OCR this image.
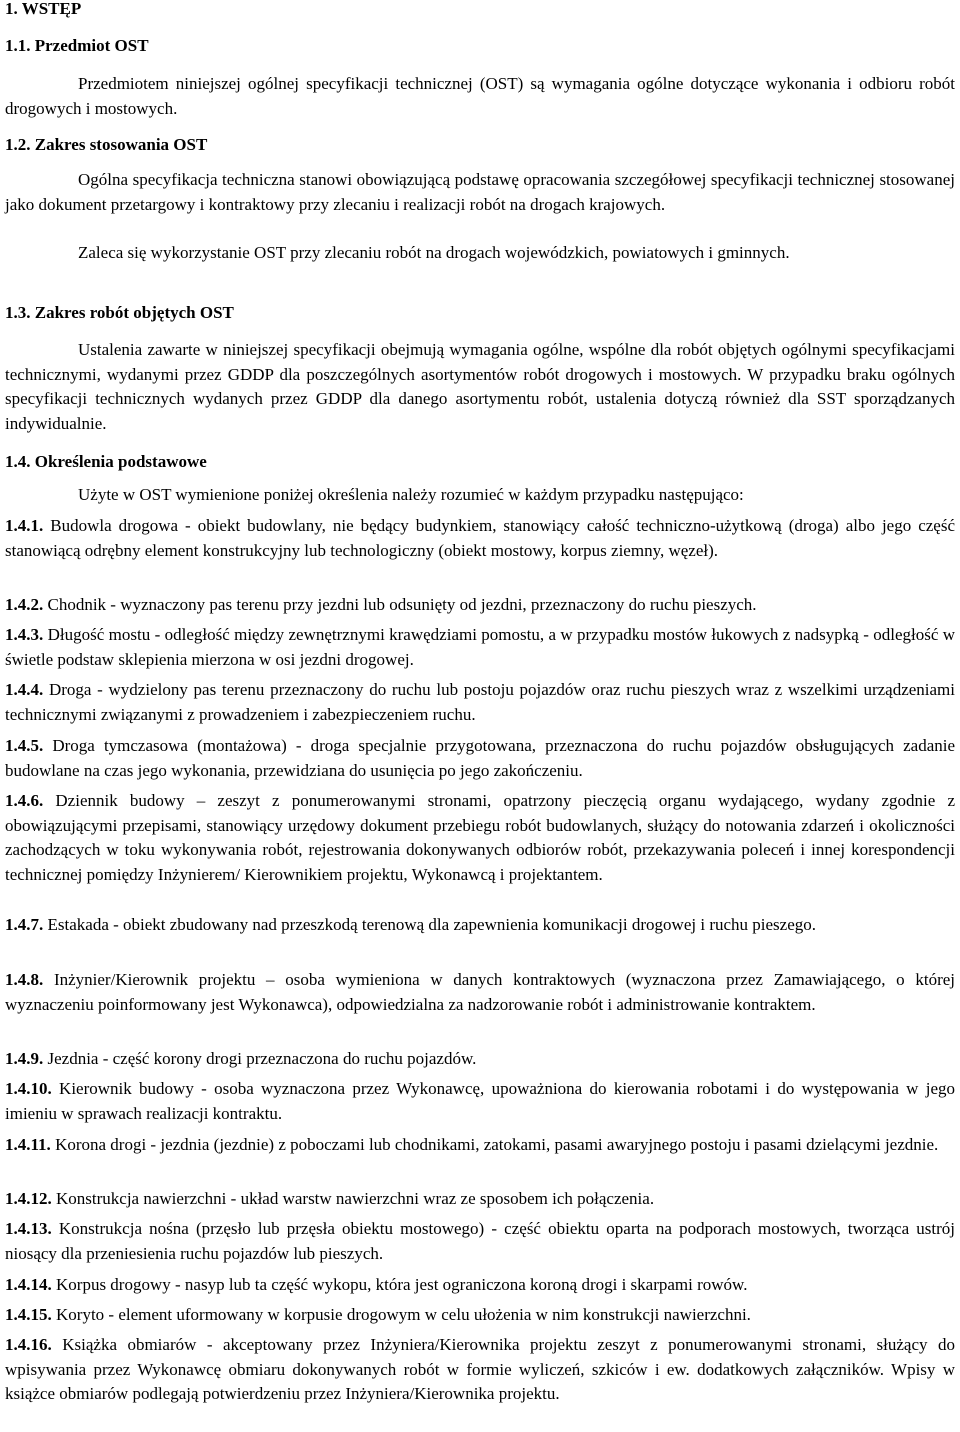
1. WSTĘP
1.1. Przedmiot OST
Przedmiotem niniejszej ogólnej specyfikacji technicznej (OST) są wymagania ogólne dotyczące wykonania i odbioru robót drogowych i mostowych.
1.2. Zakres stosowania OST
Ogólna specyfikacja techniczna stanowi obowiązującą podstawę opracowania szczegółowej specyfikacji technicznej stosowanej jako dokument przetargowy i kontraktowy przy zlecaniu i realizacji robót na drogach krajowych.
Zaleca się wykorzystanie OST przy zlecaniu robót na drogach wojewódzkich, powiatowych i gminnych.
1.3. Zakres robót objętych OST
Ustalenia zawarte w niniejszej specyfikacji obejmują wymagania ogólne, wspólne dla robót objętych ogólnymi specyfikacjami technicznymi, wydanymi przez GDDP dla poszczególnych asortymentów robót drogowych i mostowych. W przypadku braku ogólnych specyfikacji technicznych wydanych przez GDDP dla danego asortymentu robót, ustalenia dotyczą również dla SST sporządzanych indywidualnie.
1.4. Określenia podstawowe
Użyte w OST wymienione poniżej określenia należy rozumieć w każdym przypadku następująco:
1.4.1. Budowla drogowa - obiekt budowlany, nie będący budynkiem, stanowiący całość techniczno-użytkową (droga) albo jego część stanowiącą odrębny element konstrukcyjny lub technologiczny (obiekt mostowy, korpus ziemny, węzeł).
1.4.2. Chodnik - wyznaczony pas terenu przy jezdni lub odsunięty od jezdni, przeznaczony do ruchu pieszych.
1.4.3. Długość mostu - odległość między zewnętrznymi krawędziami pomostu, a w przypadku mostów łukowych z nadsypką - odległość w świetle podstaw sklepienia mierzona w osi jezdni drogowej.
1.4.4. Droga - wydzielony pas terenu przeznaczony do ruchu lub postoju pojazdów oraz ruchu pieszych wraz z wszelkimi urządzeniami technicznymi związanymi z prowadzeniem i zabezpieczeniem ruchu.
1.4.5. Droga tymczasowa (montażowa) - droga specjalnie przygotowana, przeznaczona do ruchu pojazdów obsługujących zadanie budowlane na czas jego wykonania, przewidziana do usunięcia po jego zakończeniu.
1.4.6. Dziennik budowy – zeszyt z ponumerowanymi stronami, opatrzony pieczęcią organu wydającego, wydany zgodnie z obowiązującymi przepisami, stanowiący urzędowy dokument przebiegu robót budowlanych, służący do notowania zdarzeń i okoliczności zachodzących w toku wykonywania robót, rejestrowania dokonywanych odbiorów robót, przekazywania poleceń i innej korespondencji technicznej pomiędzy Inżynierem/ Kierownikiem projektu, Wykonawcą i projektantem.
1.4.7. Estakada - obiekt zbudowany nad przeszkodą terenową dla zapewnienia komunikacji drogowej i ruchu pieszego.
1.4.8. Inżynier/Kierownik projektu – osoba wymieniona w danych kontraktowych (wyznaczona przez Zamawiającego, o której wyznaczeniu poinformowany jest Wykonawca), odpowiedzialna za nadzorowanie robót i administrowanie kontraktem.
1.4.9. Jezdnia - część korony drogi przeznaczona do ruchu pojazdów.
1.4.10. Kierownik budowy - osoba wyznaczona przez Wykonawcę, upoważniona do kierowania robotami i do występowania w jego imieniu w sprawach realizacji kontraktu.
1.4.11. Korona drogi - jezdnia (jezdnie) z poboczami lub chodnikami, zatokami, pasami awaryjnego postoju i pasami dzielącymi jezdnie.
1.4.12. Konstrukcja nawierzchni - układ warstw nawierzchni wraz ze sposobem ich połączenia.
1.4.13. Konstrukcja nośna (przęsło lub przęsła obiektu mostowego) - część obiektu oparta na podporach mostowych, tworząca ustrój niosący dla przeniesienia ruchu pojazdów lub pieszych.
1.4.14. Korpus drogowy - nasyp lub ta część wykopu, która jest ograniczona koroną drogi i skarpami rowów.
1.4.15. Koryto - element uformowany w korpusie drogowym w celu ułożenia w nim konstrukcji nawierzchni.
1.4.16. Książka obmiarów - akceptowany przez Inżyniera/Kierownika projektu zeszyt z ponumerowanymi stronami, służący do wpisywania przez Wykonawcę obmiaru dokonywanych robót w formie wyliczeń, szkiców i ew. dodatkowych załączników. Wpisy w książce obmiarów podlegają potwierdzeniu przez Inżyniera/Kierownika projektu.
